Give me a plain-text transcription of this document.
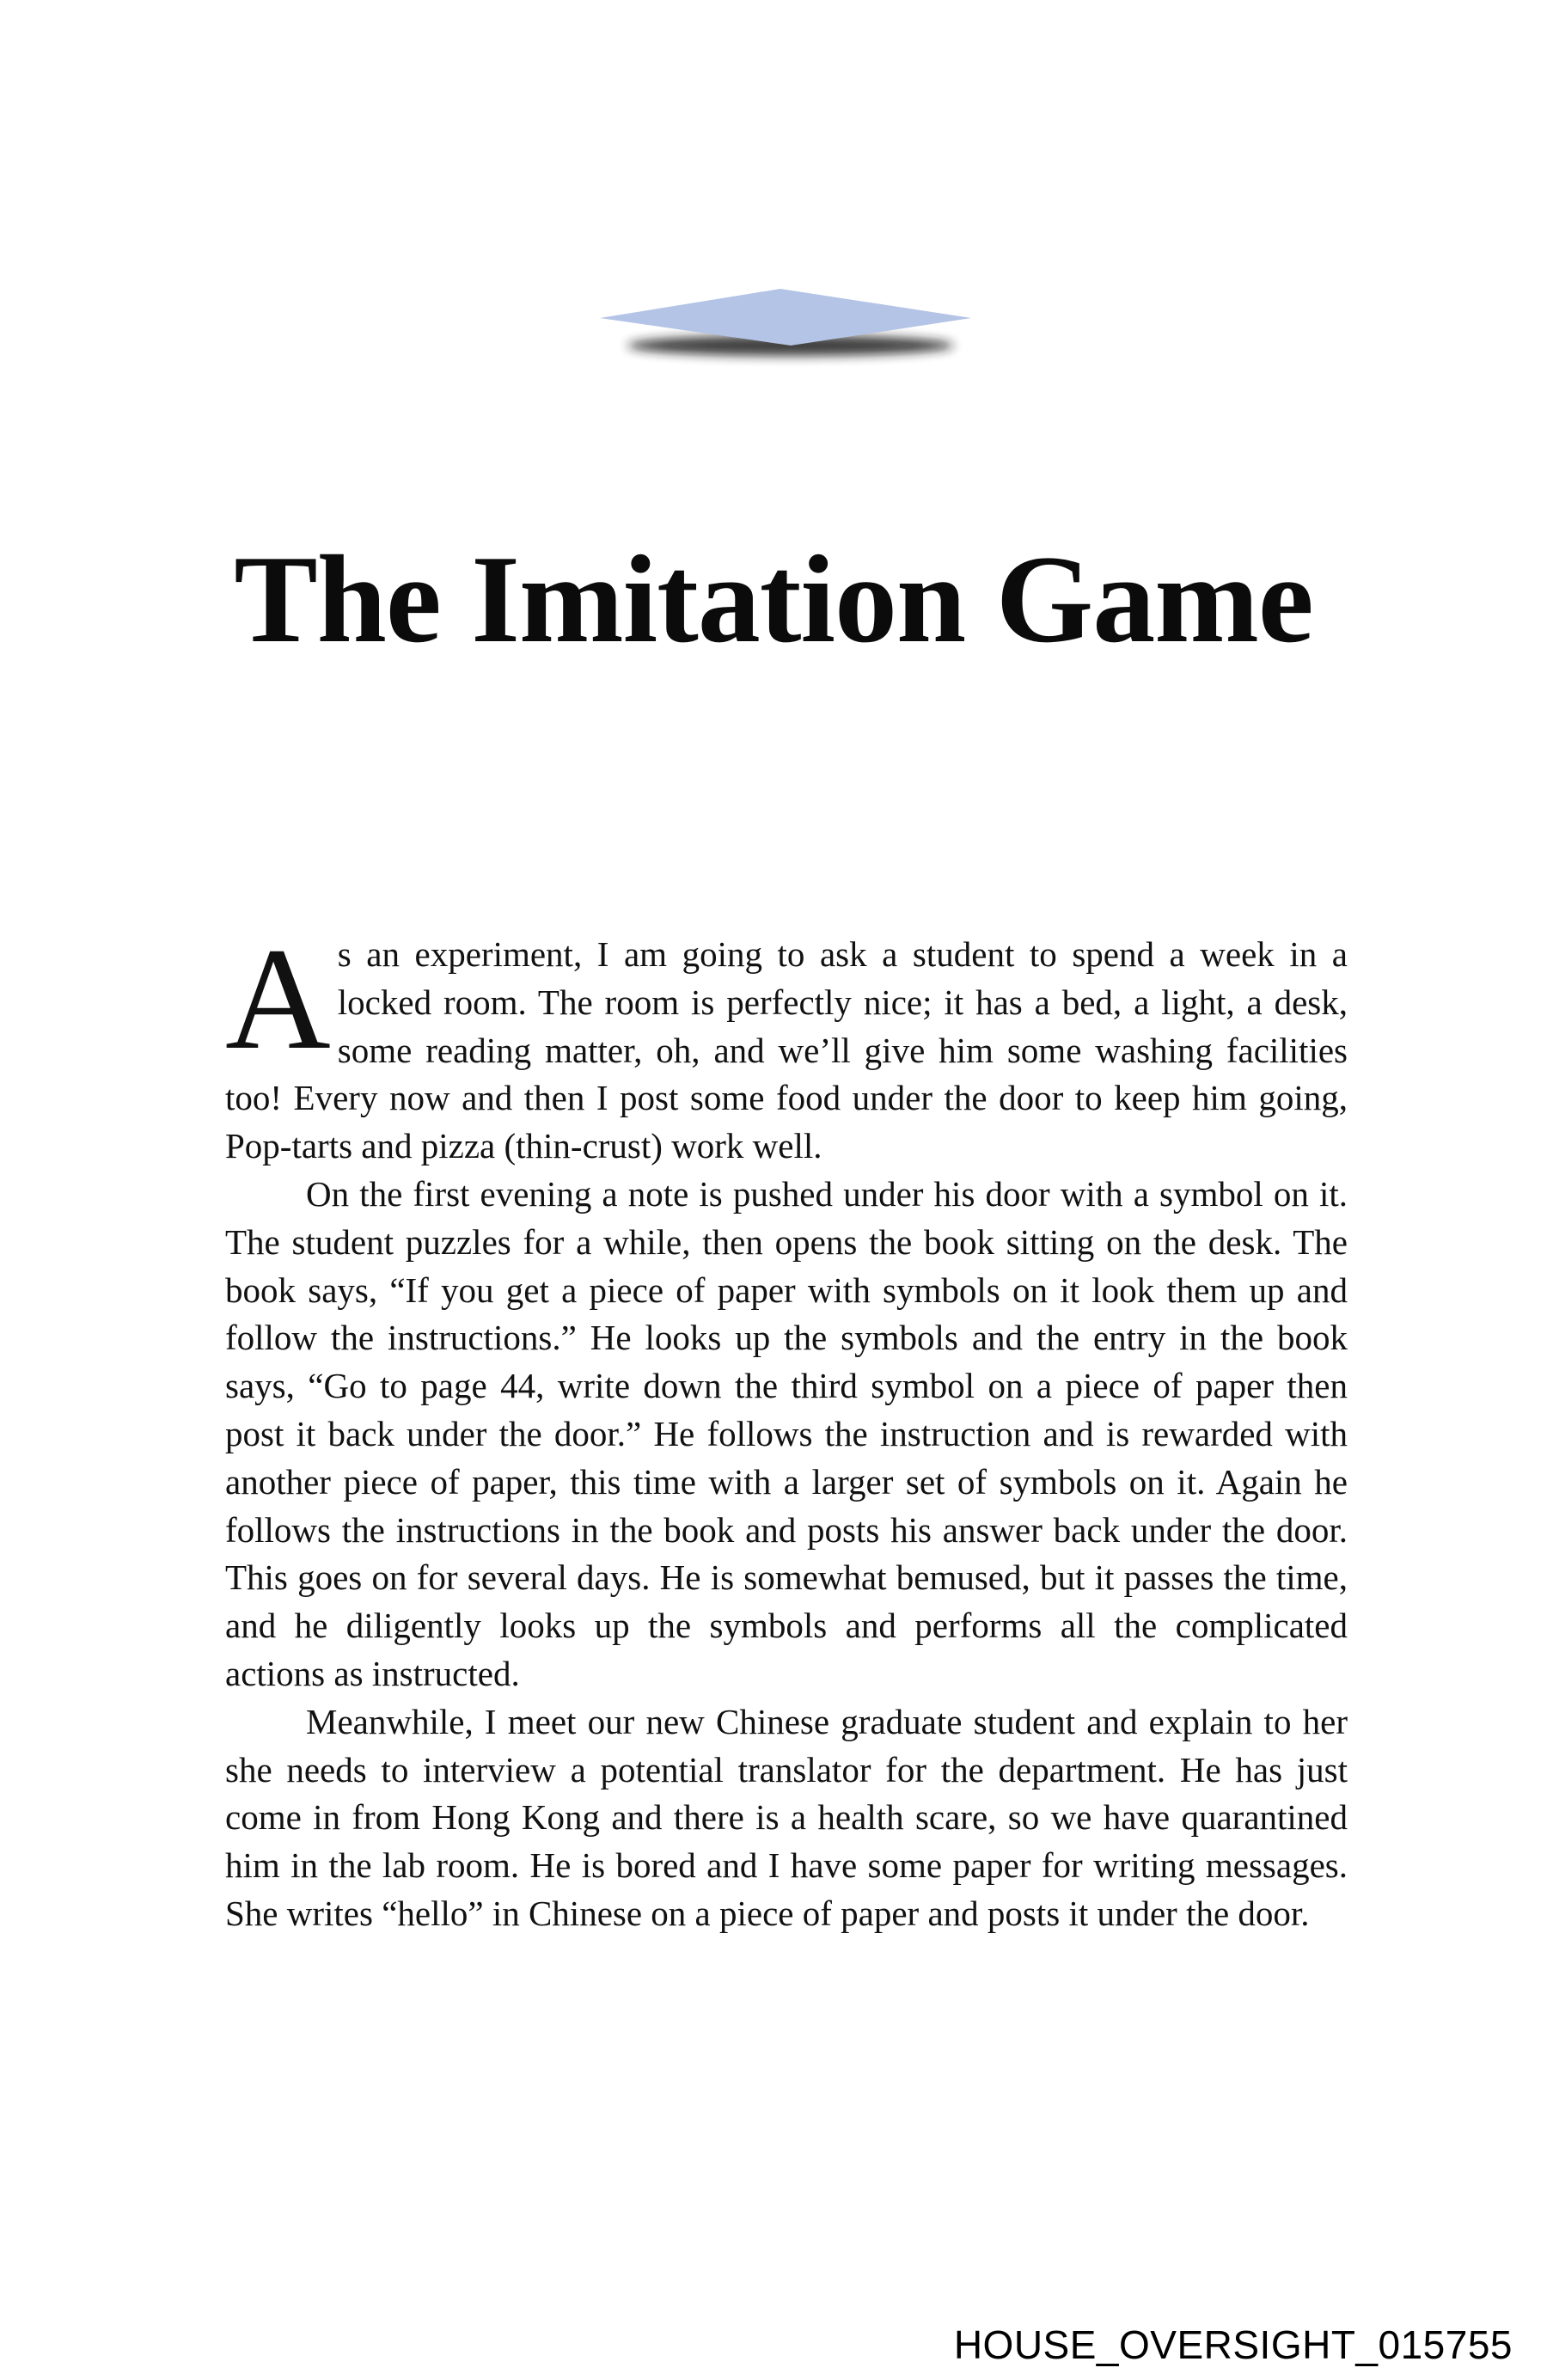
The Imitation Game

As an experiment, I am going to ask a student to spend a week in a locked room. The room is perfectly nice; it has a bed, a light, a desk, some reading matter, oh, and we’ll give him some washing facilities too! Every now and then I post some food under the door to keep him going, Pop-tarts and pizza (thin-crust) work well.

On the first evening a note is pushed under his door with a symbol on it. The student puzzles for a while, then opens the book sitting on the desk. The book says, “If you get a piece of paper with symbols on it look them up and follow the instructions.” He looks up the symbols and the entry in the book says, “Go to page 44, write down the third symbol on a piece of paper then post it back under the door.” He follows the instruction and is rewarded with another piece of paper, this time with a larger set of symbols on it. Again he follows the instructions in the book and posts his answer back under the door. This goes on for several days. He is somewhat bemused, but it passes the time, and he diligently looks up the symbols and performs all the complicated actions as instructed.

Meanwhile, I meet our new Chinese graduate student and explain to her she needs to interview a potential translator for the department. He has just come in from Hong Kong and there is a health scare, so we have quarantined him in the lab room. He is bored and I have some paper for writing messages. She writes “hello” in Chinese on a piece of paper and posts it under the door.

HOUSE_OVERSIGHT_015755
